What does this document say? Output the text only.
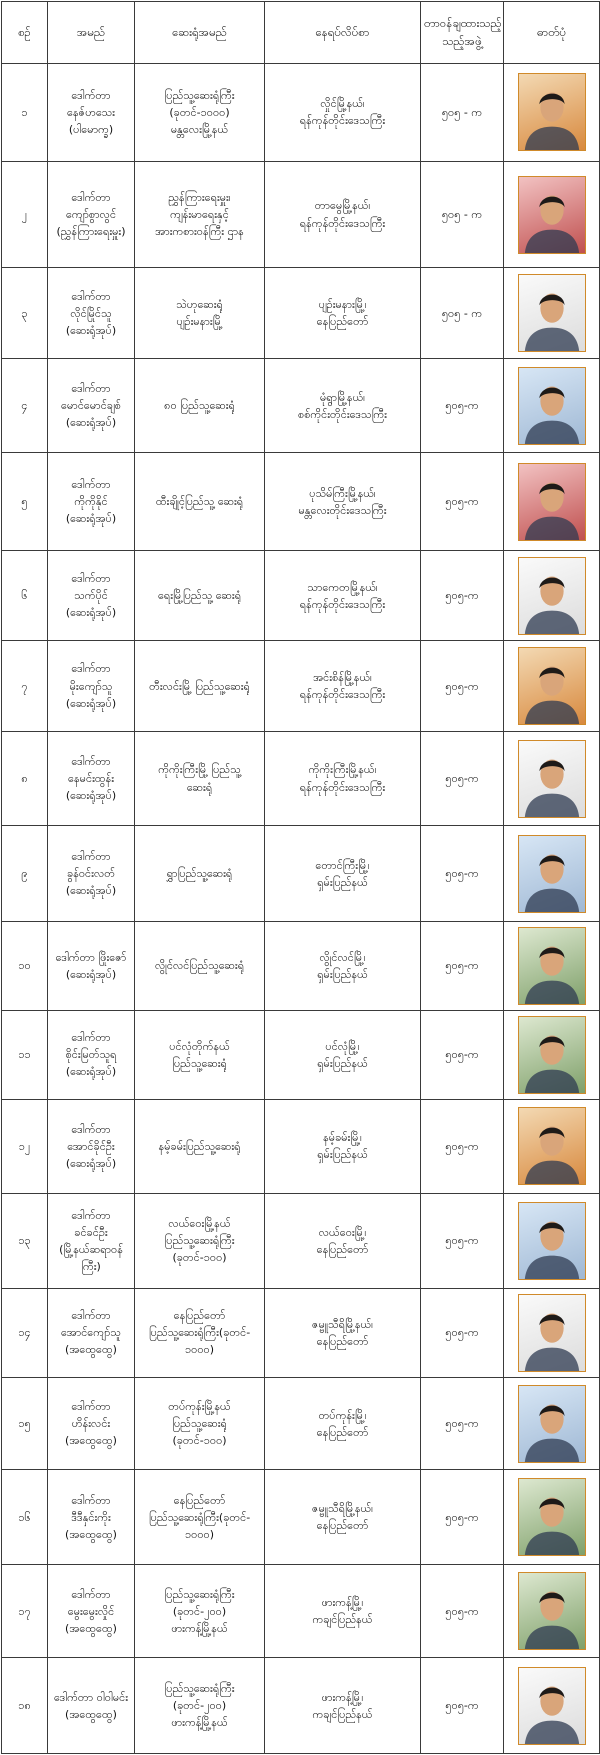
စဉ်	အမည်	ဆေးရုံအမည်	နေရပ်လိပ်စာ	တာဝန်ချထားသည့်
သည့်အဖွဲ့	ဓာတ်ပုံ
၁	ဒေါက်တာ
နေဇ်ဟသေး
(ပါမောက္ခ)	ပြည်သူ့ဆေးရုံကြီး
(ခုတင်-၁၀၀၀)
မန္တလေးမြို့နယ်	လှိုင်မြို့နယ်၊
ရန်ကုန်တိုင်းဒေသကြီး	၅၀၅ - က	

၂	ဒေါက်တာ
ကျော်စွာလွင်
(ညွှန်ကြားရေးမှူး)	ညွှန်ကြားရေးမှူး၊
ကျန်းမာရေးနှင့်
အားကစားဝန်ကြီး ဌာန	တာမွေမြို့နယ်၊
ရန်ကုန်တိုင်းဒေသကြီး	၅၀၅ - က	

၃	ဒေါက်တာ
လိုင်မြိုင်သူ
(ဆေးရုံအုပ်)	သဲဟုဆေးရုံ
ပျဉ်းမနားမြို့	ပျဉ်းမနားမြို့၊
နေပြည်တော်	၅၀၅ - က	

၄	ဒေါက်တာ
မောင်မောင်ချစ်
(ဆေးရုံအုပ်)	၈၀ ပြည်သူ့ဆေးရုံ	မုံရွာမြို့နယ်၊
စစ်ကိုင်းတိုင်းဒေသကြီး	၅၀၅-က	

၅	ဒေါက်တာ
ကိုကိုနိုင်
(ဆေးရုံအုပ်)	ထီးချိုင့်ပြည်သူ့ ဆေးရုံ	ပုသိမ်ကြီးမြို့နယ်၊
မန္တလေးတိုင်းဒေသကြီး	၅၀၅-က	

၆	ဒေါက်တာ
သက်ပိုင်
(ဆေးရုံအုပ်)	ရေးမြို့ပြည်သူ့ ဆေးရုံ	သာကေတမြို့နယ်၊
ရန်ကုန်တိုင်းဒေသကြီး	၅၀၅-က	

၇	ဒေါက်တာ
မိုးကျော်သူ
(ဆေးရုံအုပ်)	တီးလင်းမြို့ ပြည်သူ့ဆေးရုံ	အင်းစိန်မြို့နယ်၊
ရန်ကုန်တိုင်းဒေသကြီး	၅၀၅-က	

၈	ဒေါက်တာ
နေမင်းထွန်း
(ဆေးရုံအုပ်)	ကိုကိုးကြီးမြို့ ပြည်သူ့
ဆေးရုံ	ကိုကိုးကြီးမြို့နယ်၊
ရန်ကုန်တိုင်းဒေသကြီး	၅၀၅-က	

၉	ဒေါက်တာ
ခွန်ဝင်းလတ်
(ဆေးရုံအုပ်)	ရွှာပြည်သူ့ဆေးရုံ	တောင်ကြီးမြို့၊
ရှမ်းပြည်နယ်	၅၀၅-က	

၁၀	ဒေါက်တာ ဖြိုးဇော်
(ဆေးရုံအုပ်)	လွိုင်လင်ပြည်သူ့ဆေးရုံ	လွိုင်လင်မြို့၊
ရှမ်းပြည်နယ်	၅၀၅-က	

၁၁	ဒေါက်တာ
စိုင်းမြတ်သူရ
(ဆေးရုံအုပ်)	ပင်လုံတိုက်နယ်
ပြည်သူ့ဆေးရုံ	ပင်လုံမြို့၊
ရှမ်းပြည်နယ်	၅၀၅-က	

၁၂	ဒေါက်တာ
အောင်ခိုင်ဦး
(ဆေးရုံအုပ်)	နမ့်ခမ်းပြည်သူ့ဆေးရုံ	နမ့်ခမ်းမြို့၊
ရှမ်းပြည်နယ်	၅၀၅-က	

၁၃	ဒေါက်တာ
ခင်ခင်ဦး
(မြို့နယ်ဆရာဝန်
ကြီး)	လယ်ဝေးမြို့နယ်
ပြည်သူ့ဆေးရုံကြီး
(ခုတင်-၁၀၀)	လယ်ဝေးမြို့၊
နေပြည်တော်	၅၀၅-က	

၁၄	ဒေါက်တာ
အောင်ကျော်သူ
(အထွေထွေ)	နေပြည်တော်
ပြည်သူ့ဆေးရုံကြီး(ခုတင်-
၁၀၀၀)	ဇမ္ဗူသီရိမြို့နယ်၊
နေပြည်တော်	၅၀၅-က	

၁၅	ဒေါက်တာ
ဟိန်းလင်း
(အထွေထွေ)	တပ်ကုန်းမြို့နယ်
ပြည်သူ့ဆေးရုံ
(ခုတင်-၁၀၀)	တပ်ကုန်းမြို့၊
နေပြည်တော်	၅၀၅-က	

၁၆	ဒေါက်တာ
ဒီဒီနှင်းကိုး
(အထွေထွေ)	နေပြည်တော်
ပြည်သူ့ဆေးရုံကြီး(ခုတင်-
၁၀၀၀)	ဇမ္ဗူသီရိမြို့နယ်၊
နေပြည်တော်	၅၀၅-က	

၁၇	ဒေါက်တာ
မွေးမွေးလှိုင်
(အထွေထွေ)	ပြည်သူ့ဆေးရုံကြီး
(ခုတင်-၂၀၀)
ဖားကန့်မြို့နယ်	ဖားကန့်မြို့၊
ကချင်ပြည်နယ်	၅၀၅-က	

၁၈	ဒေါက်တာ ဝါဝါမင်း
(အထွေထွေ)	ပြည်သူ့ဆေးရုံကြီး
(ခုတင်-၂၀၀)
ဖားကန့်မြို့နယ်	ဖားကန့်မြို့၊
ကချင်ပြည်နယ်	၅၀၅-က	
